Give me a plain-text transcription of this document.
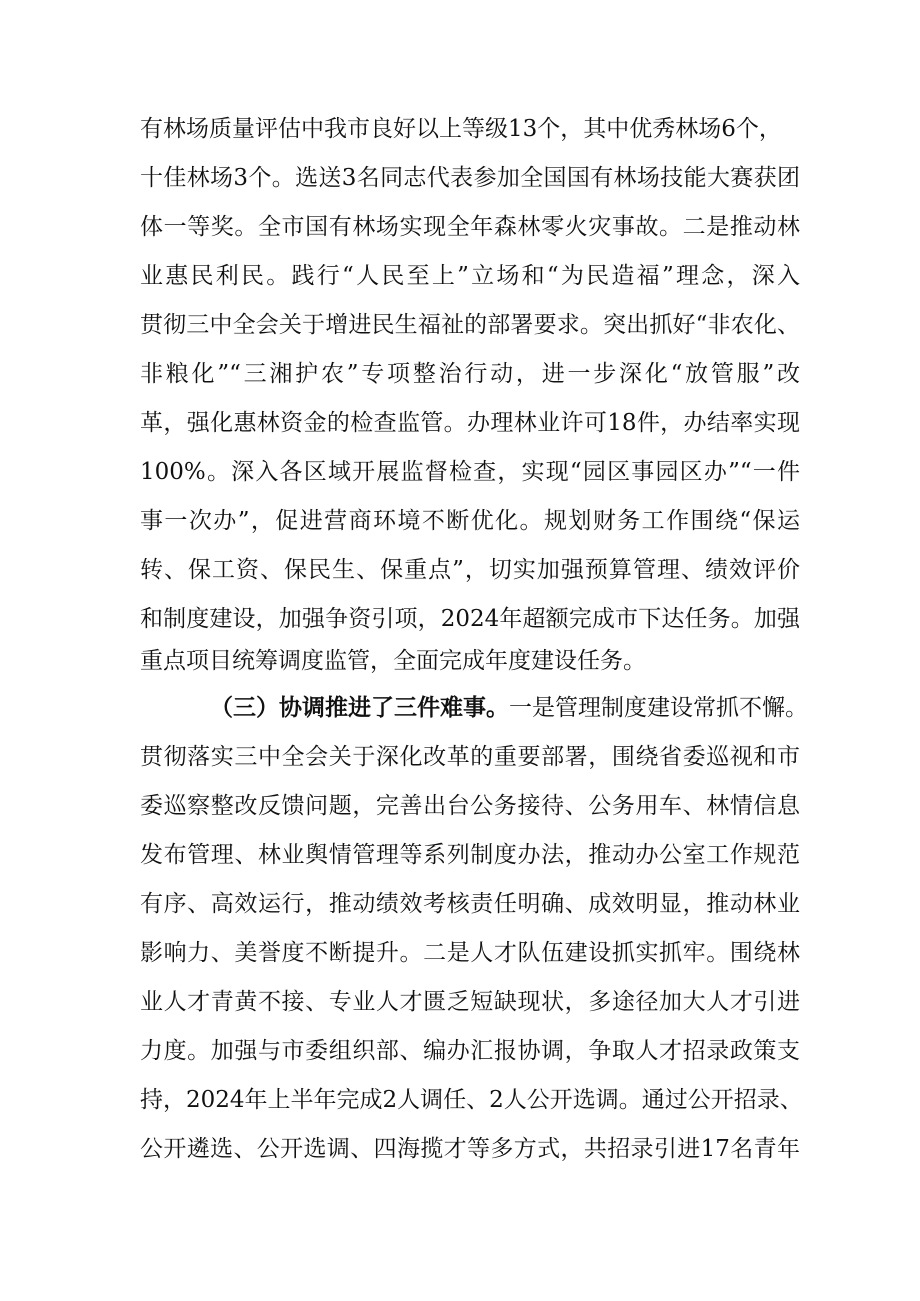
有林场质量评估中我市良好以上等级13个，其中优秀林场6个，
十佳林场3个。选送3名同志代表参加全国国有林场技能大赛获团
体一等奖。全市国有林场实现全年森林零火灾事故。二是推动林
业惠民利民。践行“人民至上”立场和“为民造福”理念，深入
贯彻三中全会关于增进民生福祉的部署要求。突出抓好“非农化、
非粮化”“三湘护农”专项整治行动，进一步深化“放管服”改
革，强化惠林资金的检查监管。办理林业许可18件，办结率实现
100%。深入各区域开展监督检查，实现“园区事园区办”“一件
事一次办”，促进营商环境不断优化。规划财务工作围绕“保运
转、保工资、保民生、保重点”，切实加强预算管理、绩效评价
和制度建设，加强争资引项，2024年超额完成市下达任务。加强
重点项目统筹调度监管，全面完成年度建设任务。
（三）协调推进了三件难事。一是管理制度建设常抓不懈。
贯彻落实三中全会关于深化改革的重要部署，围绕省委巡视和市
委巡察整改反馈问题，完善出台公务接待、公务用车、林情信息
发布管理、林业舆情管理等系列制度办法，推动办公室工作规范
有序、高效运行，推动绩效考核责任明确、成效明显，推动林业
影响力、美誉度不断提升。二是人才队伍建设抓实抓牢。围绕林
业人才青黄不接、专业人才匮乏短缺现状，多途径加大人才引进
力度。加强与市委组织部、编办汇报协调，争取人才招录政策支
持，2024年上半年完成2人调任、2人公开选调。通过公开招录、
公开遴选、公开选调、四海揽才等多方式，共招录引进17名青年
